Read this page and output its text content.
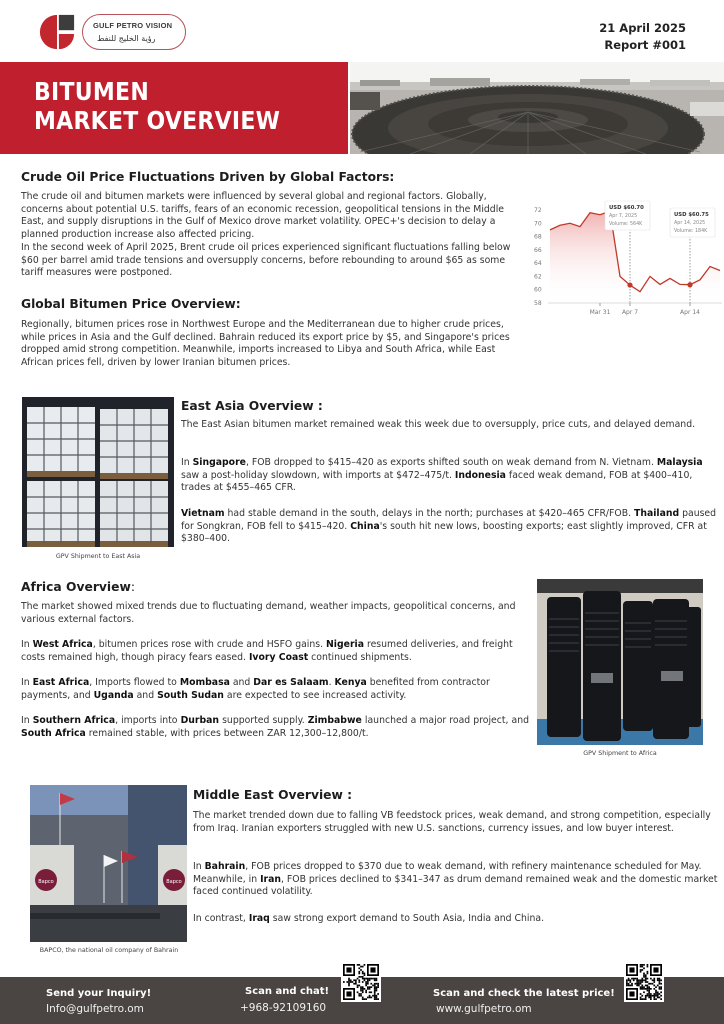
GULF PETRO VISION
رؤية الخليج للنفط
21 April 2025
Report #001
BITUMEN
MARKET OVERVIEW
Crude Oil Price Fluctuations Driven by Global Factors:
The crude oil and bitumen markets were influenced by several global and regional factors. Globally, concerns about potential U.S. tariffs, fears of an economic recession, geopolitical tensions in the Middle East, and supply disruptions in the Gulf of Mexico drove market volatility. OPEC+'s decision to delay a planned production increase also affected pricing.
In the second week of April 2025, Brent crude oil prices experienced significant fluctuations falling below $60 per barrel amid trade tensions and oversupply concerns, before rebounding to around $65 as some tariff measures were postponed.
58
60
62
64
66
68
70
72
Mar 31 Apr 7	Apr 14
USD $60.70
Apr 7, 2025
Volume: 564K
USD $60.75
Apr 14, 2025
Volume: 184K
Global Bitumen Price Overview:
Regionally, bitumen prices rose in Northwest Europe and the Mediterranean due to higher crude prices, while prices in Asia and the Gulf declined. Bahrain reduced its export price by $5, and Singapore's prices dropped amid strong competition. Meanwhile, imports increased to Libya and South Africa, while East African prices fell, driven by lower Iranian bitumen prices.
GPV Shipment to East Asia
East Asia Overview :
The East Asian bitumen market remained weak this week due to oversupply, price cuts, and delayed demand.
In Singapore, FOB dropped to $415–420 as exports shifted south on weak demand from N. Vietnam. Malaysia saw a post-holiday slowdown, with imports at $472–475/t. Indonesia faced weak demand, FOB at $400–410, trades at $455–465 CFR.
Vietnam had stable demand in the south, delays in the north; purchases at $420–465 CFR/FOB. Thailand paused for Songkran, FOB fell to $415–420. China's south hit new lows, boosting exports; east slightly improved, CFR at $380–400.
Africa Overview:
The market showed mixed trends due to fluctuating demand, weather impacts, geopolitical concerns, and various external factors.
In West Africa, bitumen prices rose with crude and HSFO gains. Nigeria resumed deliveries, and freight costs remained high, though piracy fears eased. Ivory Coast continued shipments.
In East Africa, Imports flowed to Mombasa and Dar es Salaam. Kenya benefited from contractor payments, and Uganda and South Sudan are expected to see increased activity.
In Southern Africa, imports into Durban supported supply. Zimbabwe launched a major road project, and South Africa remained stable, with prices between ZAR 12,300–12,800/t.
GPV Shipment to Africa
Bapco	Bapco
BAPCO, the national oil company of Bahrain
Middle East Overview :
The market trended down due to falling VB feedstock prices, weak demand, and strong competition, especially from Iraq. Iranian exporters struggled with new U.S. sanctions, currency issues, and low buyer interest.
In Bahrain, FOB prices dropped to $370 due to weak demand, with refinery maintenance scheduled for May. Meanwhile, in Iran, FOB prices declined to $341–347 as drum demand remained weak and the domestic market faced continued volatility.
In contrast, Iraq saw strong export demand to South Asia, India and China.
Send your Inquiry!
Info@gulfpetro.om
Scan and chat!
+968-92109160
Scan and check the latest price!
www.gulfpetro.om
